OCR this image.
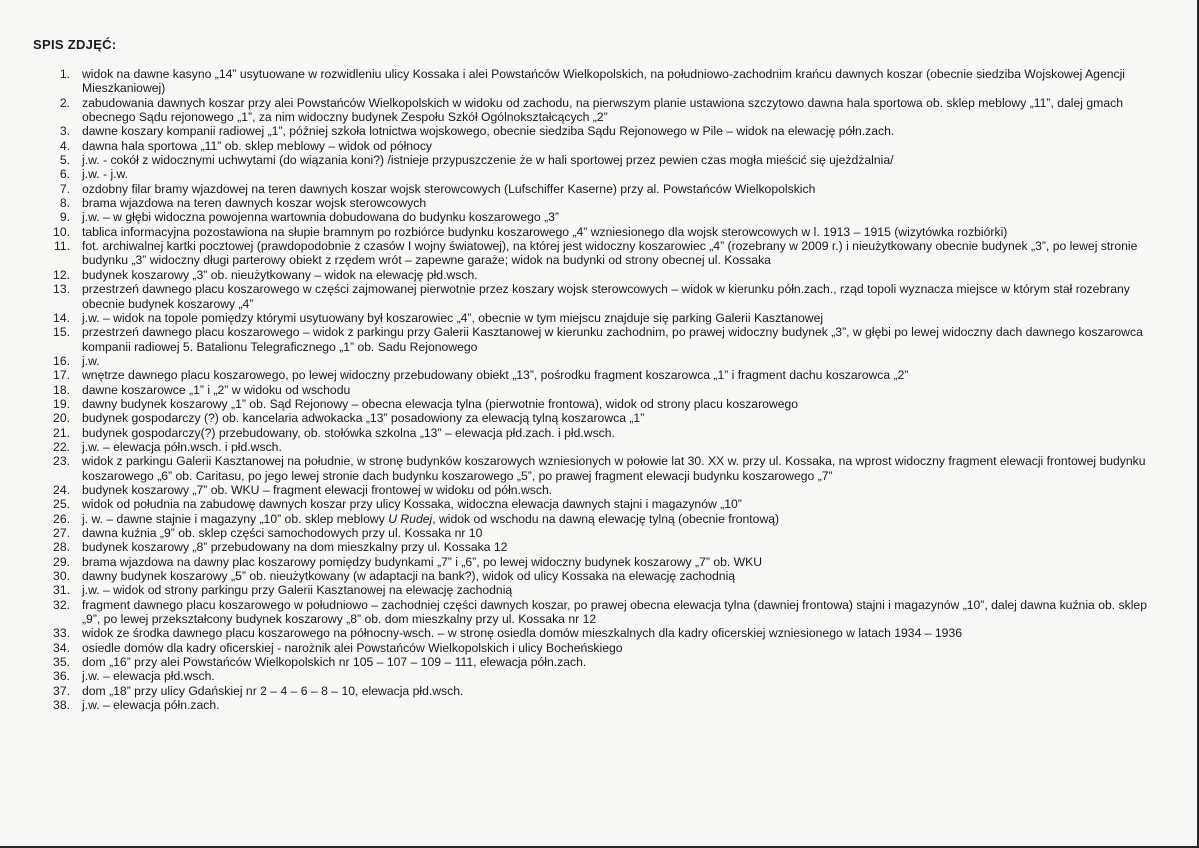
SPIS ZDJĘĆ:
1. widok na dawne kasyno „14” usytuowane w rozwidleniu ulicy Kossaka i alei Powstańców Wielkopolskich, na południowo-zachodnim krańcu dawnych koszar (obecnie siedziba Wojskowej Agencji Mieszkaniowej)
2. zabudowania dawnych koszar przy alei Powstańców Wielkopolskich w widoku od zachodu, na pierwszym planie ustawiona szczytowo dawna hala sportowa ob. sklep meblowy „11”, dalej gmach obecnego Sądu rejonowego „1”, za nim widoczny budynek Zespołu Szkół Ogólnokształcących „2”
3. dawne koszary kompanii radiowej „1”, później szkoła lotnictwa wojskowego, obecnie siedziba Sądu Rejonowego w Pile – widok na elewację półn.zach.
4. dawna hala sportowa „11” ob. sklep meblowy – widok od północy
5. j.w. - cokół z widocznymi uchwytami (do wiązania koni?) /istnieje przypuszczenie że w hali sportowej przez pewien czas mogła mieścić się ujeżdżalnia/
6. j.w. - j.w.
7. ozdobny filar bramy wjazdowej na teren dawnych koszar wojsk sterowcowych (Lufschiffer Kaserne) przy al. Powstańców Wielkopolskich
8. brama wjazdowa na teren dawnych koszar wojsk sterowcowych
9. j.w. – w głębi widoczna powojenna wartownia dobudowana do budynku koszarowego „3”
10. tablica informacyjna pozostawiona na słupie bramnym po rozbiórce budynku koszarowego „4” wzniesionego dla wojsk sterowcowych w l. 1913 – 1915 (wizytówka rozbiórki)
11. fot. archiwalnej kartki pocztowej (prawdopodobnie z czasów I wojny światowej), na której jest widoczny koszarowiec „4” (rozebrany w 2009 r.) i nieużytkowany obecnie budynek „3”, po lewej stronie budynku „3” widoczny długi parterowy obiekt z rzędem wrót – zapewne garaże; widok na budynki od strony obecnej ul. Kossaka
12. budynek koszarowy „3” ob. nieużytkowany – widok na elewację płd.wsch.
13. przestrzeń dawnego placu koszarowego w części zajmowanej pierwotnie przez koszary wojsk sterowcowych – widok w kierunku półn.zach., rząd topoli wyznacza miejsce w którym stał rozebrany obecnie budynek koszarowy „4”
14. j.w. – widok na topole pomiędzy którymi usytuowany był koszarowiec „4”, obecnie w tym miejscu znajduje się parking Galerii Kasztanowej
15. przestrzeń dawnego placu koszarowego – widok z parkingu przy Galerii Kasztanowej w kierunku zachodnim, po prawej widoczny budynek „3”, w głębi po lewej widoczny dach dawnego koszarowca kompanii radiowej 5. Batalionu Telegraficznego „1” ob. Sadu Rejonowego
16. j.w.
17. wnętrze dawnego placu koszarowego, po lewej widoczny przebudowany obiekt „13”, pośrodku fragment koszarowca „1” i fragment dachu koszarowca „2”
18. dawne koszarowce „1” i „2” w widoku od wschodu
19. dawny budynek koszarowy „1” ob. Sąd Rejonowy – obecna elewacja tylna (pierwotnie frontowa), widok od strony placu koszarowego
20. budynek gospodarczy (?) ob. kancelaria adwokacka „13” posadowiony za elewacją tylną koszarowca „1”
21. budynek gospodarczy(?) przebudowany, ob. stołówka szkolna „13” – elewacja płd.zach. i płd.wsch.
22. j.w. – elewacja półn.wsch. i płd.wsch.
23. widok z parkingu Galerii Kasztanowej na południe, w stronę budynków koszarowych wzniesionych w połowie lat 30. XX w. przy ul. Kossaka, na wprost widoczny fragment elewacji frontowej budynku koszarowego „6” ob. Caritasu, po jego lewej stronie dach budynku koszarowego „5”, po prawej fragment elewacji budynku koszarowego „7”
24. budynek koszarowy „7” ob. WKU – fragment elewacji frontowej w widoku od półn.wsch.
25. widok od południa na zabudowę dawnych koszar przy ulicy Kossaka, widoczna elewacja dawnych stajni i magazynów „10”
26. j. w. – dawne stajnie i magazyny „10” ob. sklep meblowy U Rudej, widok od wschodu na dawną elewację tylną (obecnie frontową)
27. dawna kuźnia „9” ob. sklep części samochodowych przy ul. Kossaka nr 10
28. budynek koszarowy „8” przebudowany na dom mieszkalny przy ul. Kossaka 12
29. brama wjazdowa na dawny plac koszarowy pomiędzy budynkami „7” i „6”, po lewej widoczny budynek koszarowy „7” ob. WKU
30. dawny budynek koszarowy „5” ob. nieużytkowany (w adaptacji na bank?), widok od ulicy Kossaka na elewację zachodnią
31. j.w. – widok od strony parkingu przy Galerii Kasztanowej na elewację zachodnią
32. fragment dawnego placu koszarowego w południowo – zachodniej części dawnych koszar, po prawej obecna elewacja tylna (dawniej frontowa) stajni i magazynów „10”, dalej dawna kuźnia ob. sklep „9”, po lewej przekształcony budynek koszarowy „8” ob. dom mieszkalny przy ul. Kossaka nr 12
33. widok ze środka dawnego placu koszarowego na północny-wsch. – w stronę osiedla domów mieszkalnych dla kadry oficerskiej wzniesionego w latach 1934 – 1936
34. osiedle domów dla kadry oficerskiej - narożnik alei Powstańców Wielkopolskich i ulicy Bocheńskiego
35. dom „16” przy alei Powstańców Wielkopolskich nr 105 – 107 – 109 – 111, elewacja półn.zach.
36. j.w. – elewacja płd.wsch.
37. dom „18” przy ulicy Gdańskiej nr 2 – 4 – 6 – 8 – 10, elewacja płd.wsch.
38. j.w. – elewacja półn.zach.
